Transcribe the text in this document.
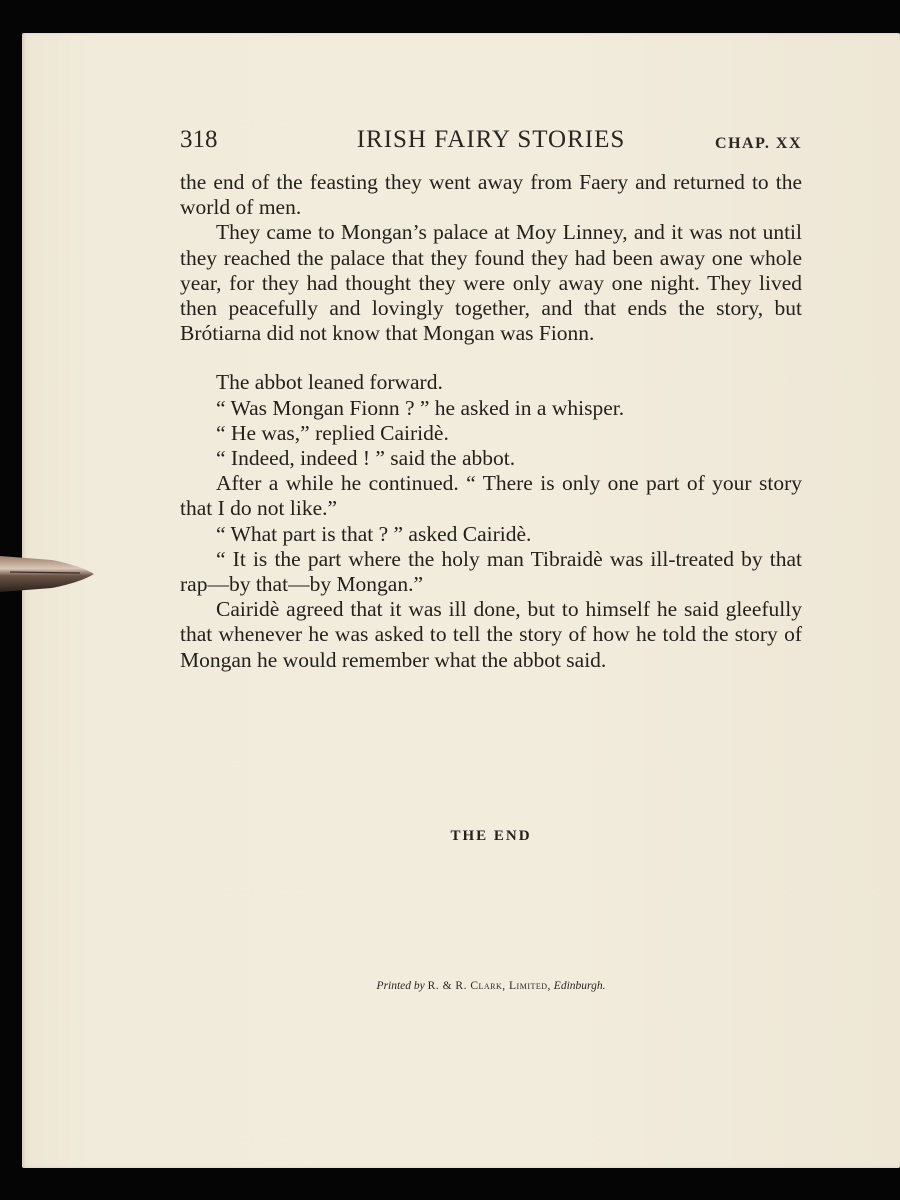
318	IRISH FAIRY STORIES	CHAP. XX

the end of the feasting they went away from Faery and returned to the world of men.

They came to Mongan’s palace at Moy Linney, and it was not until they reached the palace that they found they had been away one whole year, for they had thought they were only away one night. They lived then peacefully and lovingly together, and that ends the story, but Brótiarna did not know that Mongan was Fionn.

The abbot leaned forward.

“ Was Mongan Fionn ? ” he asked in a whisper.

“ He was,” replied Cairidè.

“ Indeed, indeed ! ” said the abbot.

After a while he continued. “ There is only one part of your story that I do not like.”

“ What part is that ? ” asked Cairidè.

“ It is the part where the holy man Tibraidè was ill-treated by that rap—by that—by Mongan.”

Cairidè agreed that it was ill done, but to himself he said gleefully that whenever he was asked to tell the story of how he told the story of Mongan he would remember what the abbot said.

THE END
Printed by R. & R. Clark, Limited, Edinburgh.
